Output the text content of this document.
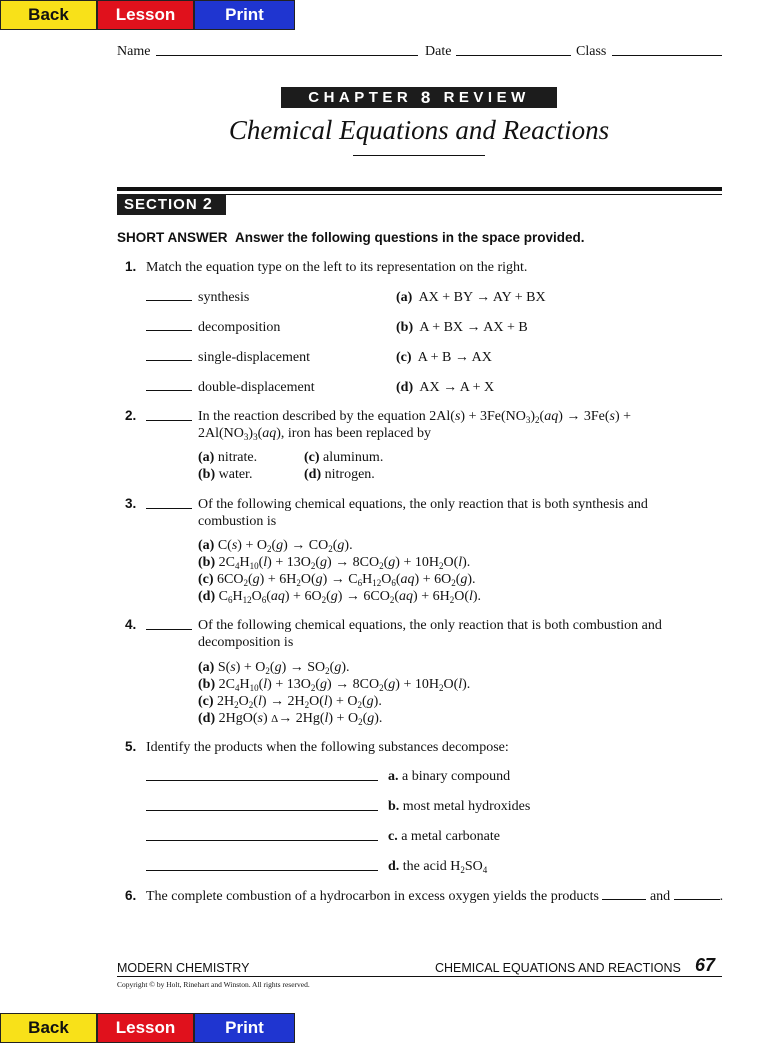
Back	Lesson	Print
Name	Date	Class
CHAPTER
8
REVIEW
Chemical Equations and Reactions
SECTION
2
SHORT ANSWER Answer the following questions in the space provided.
1. Match the equation type on the left to its representation on the right.
synthesis	(a) AX + BY → AY + BX
decomposition	(b) A + BX → AX + B
single-displacement	(c) A + B → AX
double-displacement	(d) AX → A + X
2.	In the reaction described by the equation $2Al(s) + 3Fe(NO_3)_2(aq) \to 3Fe(s)$ +
$2Al(NO_3)_3(aq)$, iron has been replaced by
(a) nitrate.
(b) water.
(c) aluminum.
(d) nitrogen.
3.	Of the following chemical equations, the only reaction that is both synthesis and
combustion is
(a) $C(s) + O_2(g) \to CO_2(g)$.
(b) $2C_4H_{10}(l) + 13O_2(g) \to 8CO_2(g) + 10H_2O(l)$.
(c) $6CO_2(g) + 6H_2O(g) \to C_6H_{12}O_6(aq) + 6O_2(g)$.
(d) $C_6H_{12}O_6(aq) + 6O_2(g) \to 6CO_2(aq) + 6H_2O(l)$.
4.	Of the following chemical equations, the only reaction that is both combustion and
decomposition is
(a) $S(s) + O_2(g) \to SO_2(g)$.
(b) $2C_4H_{10}(l) + 13O_2(g) \to 8CO_2(g) + 10H_2O(l)$.
(c) $2H_2O_2(l) \to 2H_2O(l) + O_2(g)$.
(d) 2HgO(s) $\Delta\to 2Hg(l) + O_2(g)$.
5. Identify the products when the following substances decompose:
a. a binary compound
b. most metal hydroxides
c. a metal carbonate
d. the acid $H_2SO_4$
6. The complete combustion of a hydrocarbon in excess oxygen yields the products	and	.
MODERN CHEMISTRY	CHEMICAL EQUATIONS AND REACTIONS 67
Copyright © by Holt, Rinehart and Winston. All rights reserved.
Back	Lesson	Print
